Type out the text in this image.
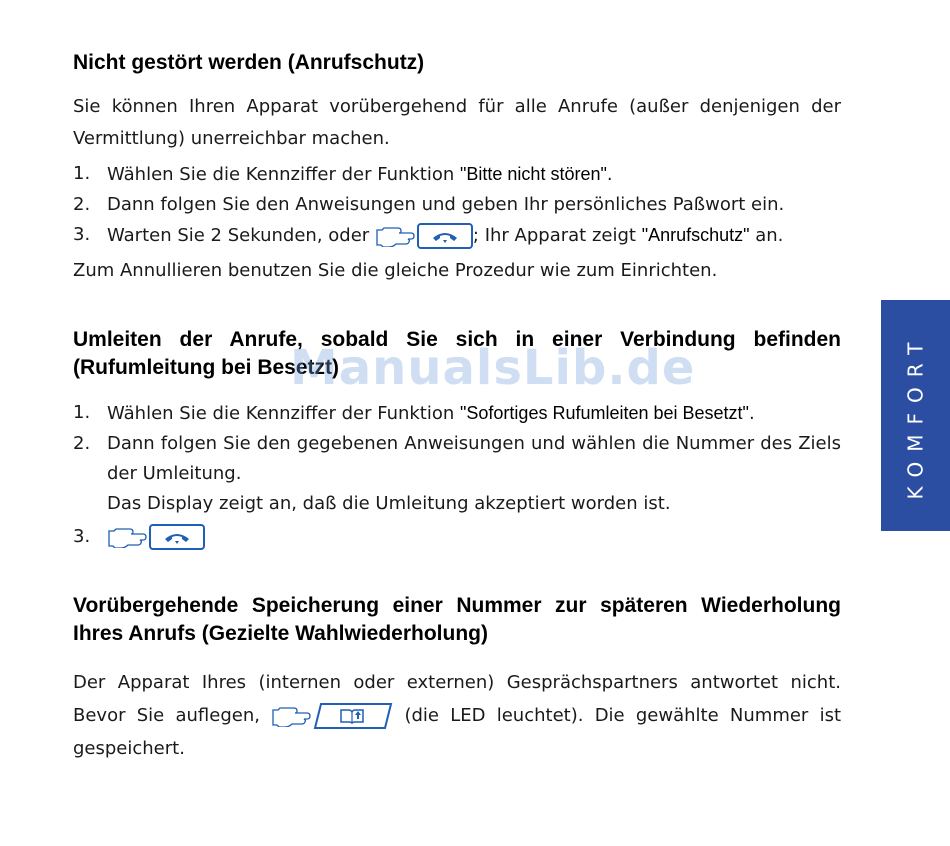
Nicht gestört werden (Anrufschutz)

Sie können Ihren Apparat vorübergehend für alle Anrufe (außer denjenigen der Vermittlung) unerreichbar machen.

1. Wählen Sie die Kennziffer der Funktion "Bitte nicht stören".

2. Dann folgen Sie den Anweisungen und geben Ihr persönliches Paßwort ein.

3. Warten Sie 2 Sekunden, oder	; Ihr Apparat zeigt "Anrufschutz" an.

Zum Annullieren benutzen Sie die gleiche Prozedur wie zum Einrichten.

Umleiten der Anrufe, sobald Sie sich in einer Verbindung befinden (Rufumleitung bei Besetzt)

1. Wählen Sie die Kennziffer der Funktion "Sofortiges Rufumleiten bei Besetzt".

2. Dann folgen Sie den gegebenen Anweisungen und wählen die Nummer des Ziels der Umleitung.
Das Display zeigt an, daß die Umleitung akzeptiert worden ist.

3.

Vorübergehende Speicherung einer Nummer zur späteren Wiederholung Ihres Anrufs (Gezielte Wahlwiederholung)

Der Apparat Ihres (internen oder externen) Gesprächspartners antwortet nicht. Bevor Sie auflegen,	(die LED leuchtet). Die gewählte Nummer ist gespeichert.

ManualsLib.de	KOMFORT
